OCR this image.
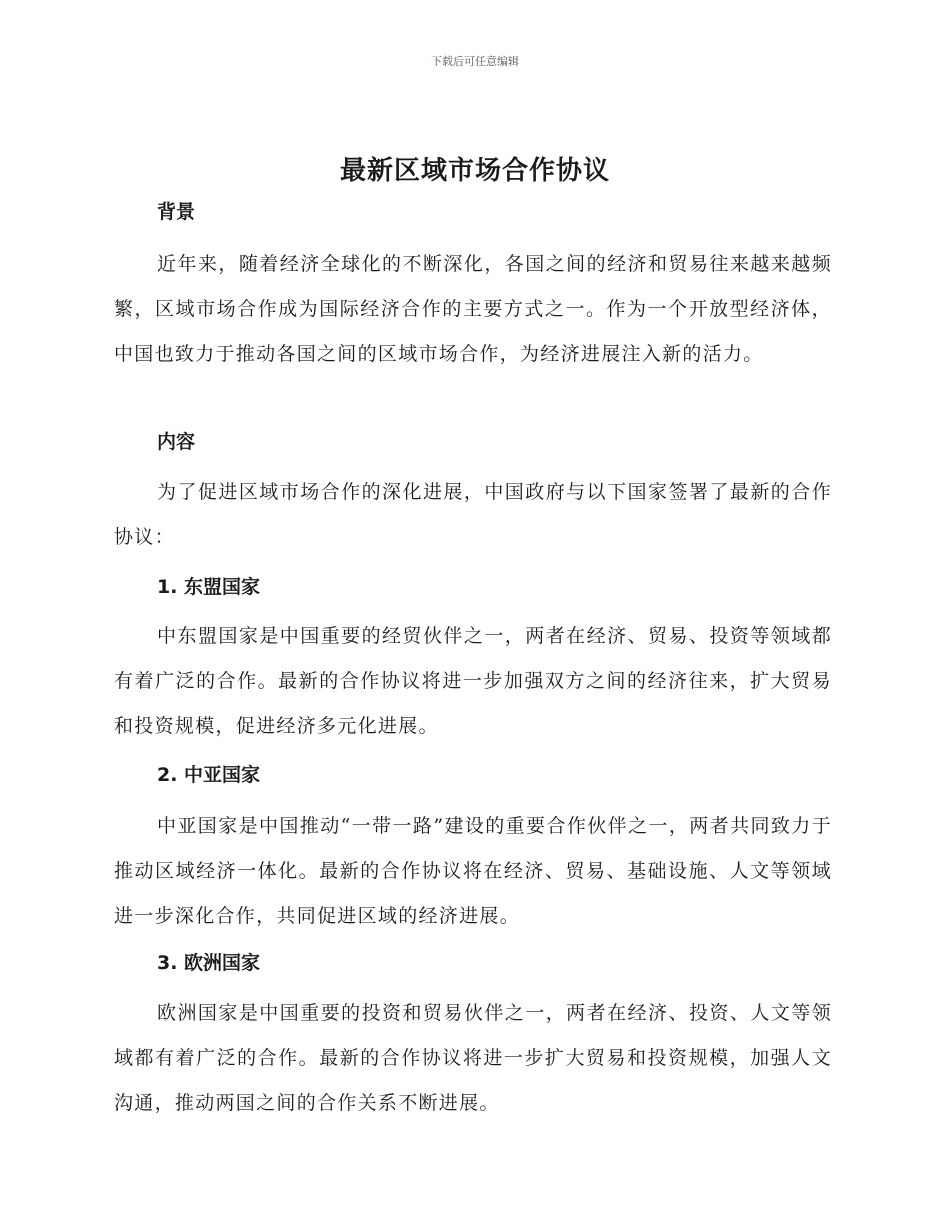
下载后可任意编辑
最新区域市场合作协议
背景

近年来，随着经济全球化的不断深化，各国之间的经济和贸易往来越来越频繁，区域市场合作成为国际经济合作的主要方式之一。作为一个开放型经济体，中国也致力于推动各国之间的区域市场合作，为经济进展注入新的活力。

内容

为了促进区域市场合作的深化进展，中国政府与以下国家签署了最新的合作协议：

1. 东盟国家

中东盟国家是中国重要的经贸伙伴之一，两者在经济、贸易、投资等领域都有着广泛的合作。最新的合作协议将进一步加强双方之间的经济往来，扩大贸易和投资规模，促进经济多元化进展。

2. 中亚国家

中亚国家是中国推动“一带一路”建设的重要合作伙伴之一，两者共同致力于推动区域经济一体化。最新的合作协议将在经济、贸易、基础设施、人文等领域进一步深化合作，共同促进区域的经济进展。

3. 欧洲国家

欧洲国家是中国重要的投资和贸易伙伴之一，两者在经济、投资、人文等领域都有着广泛的合作。最新的合作协议将进一步扩大贸易和投资规模，加强人文沟通，推动两国之间的合作关系不断进展。
